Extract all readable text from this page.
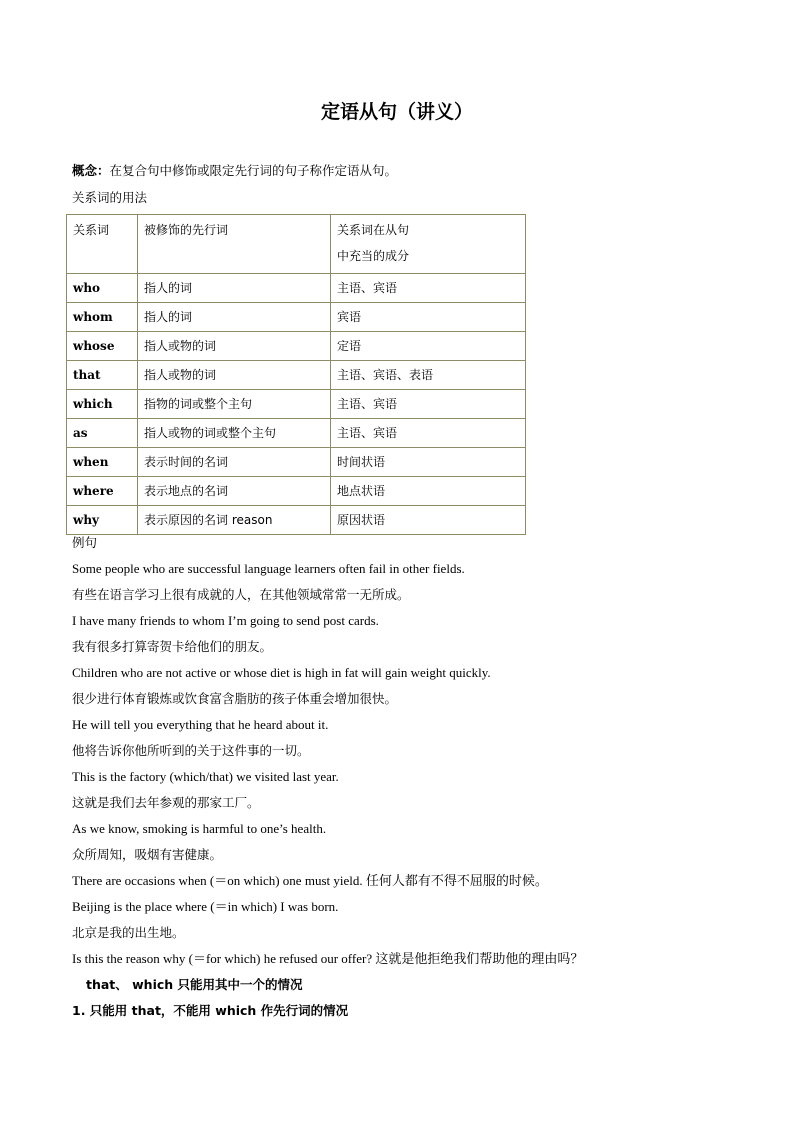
定语从句（讲义）
概念：在复合句中修饰或限定先行词的句子称作定语从句。
关系词的用法
关系词	被修饰的先行词	关系词在从句
中充当的成分

who	指人的词	主语、宾语
whom	指人的词	宾语
whose	指人或物的词	定语
that	指人或物的词	主语、宾语、表语
which	指物的词或整个主句	主语、宾语
as	指人或物的词或整个主句	主语、宾语
when	表示时间的名词	时间状语
where	表示地点的名词	地点状语
why	表示原因的名词 reason	原因状语
例句
Some people who are successful language learners often fail in other fields.
有些在语言学习上很有成就的人，在其他领域常常一无所成。
I have many friends to whom I’m going to send post cards.
我有很多打算寄贺卡给他们的朋友。
Children who are not active or whose diet is high in fat will gain weight quickly.
很少进行体育锻炼或饮食富含脂肪的孩子体重会增加很快。
He will tell you everything that he heard about it.
他将告诉你他所听到的关于这件事的一切。
This is the factory (which/that) we visited last year.
这就是我们去年参观的那家工厂。
As we know, smoking is harmful to one’s health.
众所周知，吸烟有害健康。
There are occasions when (＝on which) one must yield. 任何人都有不得不屈服的时候。
Beijing is the place where (＝in which) I was born.
北京是我的出生地。
Is this the reason why (＝for which) he refused our offer? 这就是他拒绝我们帮助他的理由吗？
that、 which 只能用其中一个的情况
1. 只能用 that，不能用 which 作先行词的情况
